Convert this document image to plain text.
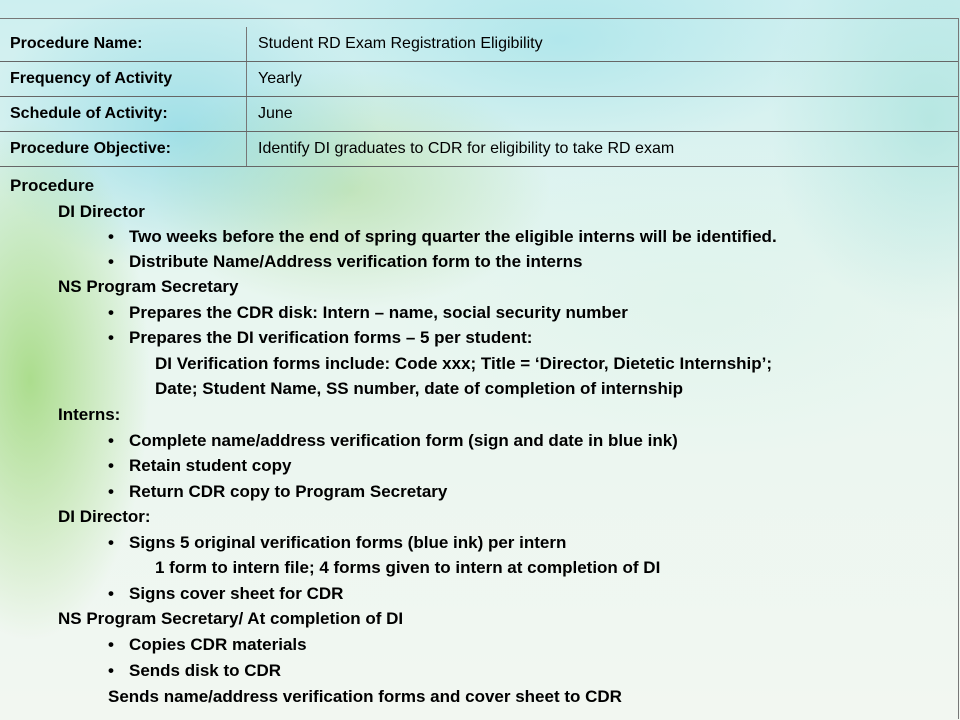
Procedure Name:	Student RD Exam Registration Eligibility
Frequency of Activity	Yearly
Schedule of Activity:	June
Procedure Objective:	Identify DI graduates to CDR for eligibility to take RD exam
Procedure
DI Director
• Two weeks before the end of spring quarter the eligible interns will be identified.
• Distribute Name/Address verification form to the interns
NS Program Secretary
• Prepares the CDR disk: Intern – name, social security number
• Prepares the DI verification forms – 5 per student:
DI Verification forms include: Code xxx; Title = ‘Director, Dietetic Internship’;
Date; Student Name, SS number, date of completion of internship
Interns:
• Complete name/address verification form (sign and date in blue ink)
• Retain student copy
• Return CDR copy to Program Secretary
DI Director:
• Signs 5 original verification forms (blue ink) per intern
1 form to intern file; 4 forms given to intern at completion of DI
• Signs cover sheet for CDR
NS Program Secretary/ At completion of DI
• Copies CDR materials
• Sends disk to CDR
Sends name/address verification forms and cover sheet to CDR
